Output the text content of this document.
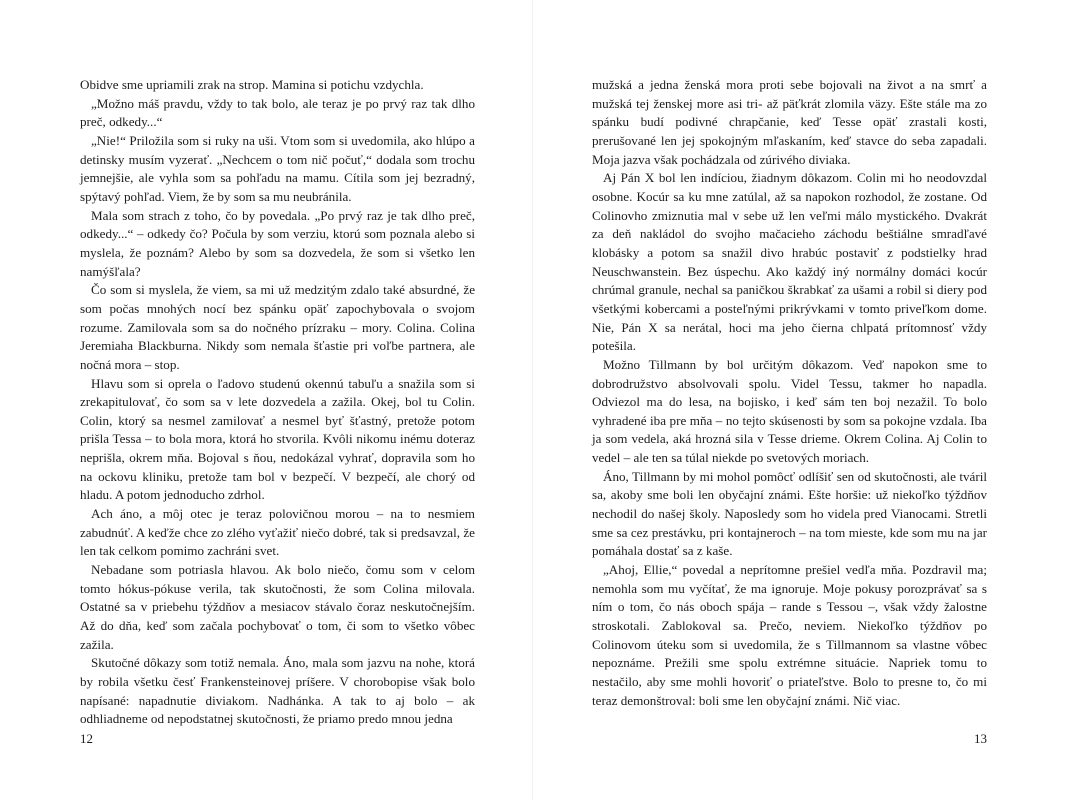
Obidve sme upriamili zrak na strop. Mamina si potichu vzdychla.

„Možno máš pravdu, vždy to tak bolo, ale teraz je po prvý raz tak dlho preč, odkedy...“

„Nie!“ Priložila som si ruky na uši. Vtom som si uvedomila, ako hlúpo a detinsky musím vyzerať. „Nechcem o tom nič počuť,“ dodala som trochu jemnejšie, ale vyhla som sa pohľadu na mamu. Cítila som jej bezradný, spýtavý pohľad. Viem, že by som sa mu neubránila.

Mala som strach z toho, čo by povedala. „Po prvý raz je tak dlho preč, odkedy...“ – odkedy čo? Počula by som verziu, ktorú som poznala alebo si myslela, že poznám? Alebo by som sa dozvedela, že som si všetko len namýšľala?

Čo som si myslela, že viem, sa mi už medzitým zdalo také absurdné, že som počas mnohých nocí bez spánku opäť zapochybovala o svojom rozume. Zamilovala som sa do nočného prízraku – mory. Colina. Colina Jeremiaha Blackburna. Nikdy som nemala šťastie pri voľbe partnera, ale nočná mora – stop.

Hlavu som si oprela o ľadovo studenú okennú tabuľu a snažila som si zrekapitulovať, čo som sa v lete dozvedela a zažila. Okej, bol tu Colin. Colin, ktorý sa nesmel zamilovať a nesmel byť šťastný, pretože potom prišla Tessa – to bola mora, ktorá ho stvorila. Kvôli nikomu inému doteraz neprišla, okrem mňa. Bojoval s ňou, nedokázal vyhrať, dopravila som ho na ockovu kliniku, pretože tam bol v bezpečí. V bezpečí, ale chorý od hladu. A potom jednoducho zdrhol.

Ach áno, a môj otec je teraz polovičnou morou – na to nesmiem zabudnúť. A keďže chce zo zlého vyťažiť niečo dobré, tak si predsavzal, že len tak celkom pomimo zachráni svet.

Nebadane som potriasla hlavou. Ak bolo niečo, čomu som v celom tomto hókus-pókuse verila, tak skutočnosti, že som Colina milovala. Ostatné sa v priebehu týždňov a mesiacov stávalo čoraz neskutočnejším. Až do dňa, keď som začala pochybovať o tom, či som to všetko vôbec zažila.

Skutočné dôkazy som totiž nemala. Áno, mala som jazvu na nohe, ktorá by robila všetku česť Frankensteinovej príšere. V chorobopise však bolo napísané: napadnutie diviakom. Nadhánka. A tak to aj bolo – ak odhliadneme od nepodstatnej skutočnosti, že priamo predo mnou jedna

12

mužská a jedna ženská mora proti sebe bojovali na život a na smrť a mužská tej ženskej more asi tri- až päťkrát zlomila väzy. Ešte stále ma zo spánku budí podivné chrapčanie, keď Tesse opäť zrastali kosti, prerušované len jej spokojným mľaskaním, keď stavce do seba zapadali. Moja jazva však pochádzala od zúrivého diviaka.

Aj Pán X bol len indíciou, žiadnym dôkazom. Colin mi ho neodovzdal osobne. Kocúr sa ku mne zatúlal, až sa napokon rozhodol, že zostane. Od Colinovho zmiznutia mal v sebe už len veľmi málo mystického. Dvakrát za deň nakládol do svojho mačacieho záchodu beštiálne smradľavé klobásky a potom sa snažil divo hrabúc postaviť z podstielky hrad Neuschwanstein. Bez úspechu. Ako každý iný normálny domáci kocúr chrúmal granule, nechal sa paničkou škrabkať za ušami a robil si diery pod všetkými kobercami a posteľnými prikrývkami v tomto priveľkom dome. Nie, Pán X sa nerátal, hoci ma jeho čierna chlpatá prítomnosť vždy potešila.

Možno Tillmann by bol určitým dôkazom. Veď napokon sme to dobrodružstvo absolvovali spolu. Videl Tessu, takmer ho napadla. Odviezol ma do lesa, na bojisko, i keď sám ten boj nezažil. To bolo vyhradené iba pre mňa – no tejto skúsenosti by som sa pokojne vzdala. Iba ja som vedela, aká hrozná sila v Tesse drieme. Okrem Colina. Aj Colin to vedel – ale ten sa túlal niekde po svetových moriach.

Áno, Tillmann by mi mohol pomôcť odlíšiť sen od skutočnosti, ale tváril sa, akoby sme boli len obyčajní známi. Ešte horšie: už niekoľko týždňov nechodil do našej školy. Naposledy som ho videla pred Vianocami. Stretli sme sa cez prestávku, pri kontajneroch – na tom mieste, kde som mu na jar pomáhala dostať sa z kaše.

„Ahoj, Ellie,“ povedal a neprítomne prešiel vedľa mňa. Pozdravil ma; nemohla som mu vyčítať, že ma ignoruje. Moje pokusy porozprávať sa s ním o tom, čo nás oboch spája – rande s Tessou –, však vždy žalostne stroskotali. Zablokoval sa. Prečo, neviem. Niekoľko týždňov po Colinovom úteku som si uvedomila, že s Tillmannom sa vlastne vôbec nepoznáme. Prežili sme spolu extrémne situácie. Napriek tomu to nestačilo, aby sme mohli hovoriť o priateľstve. Bolo to presne to, čo mi teraz demonštroval: boli sme len obyčajní známi. Nič viac.

13
